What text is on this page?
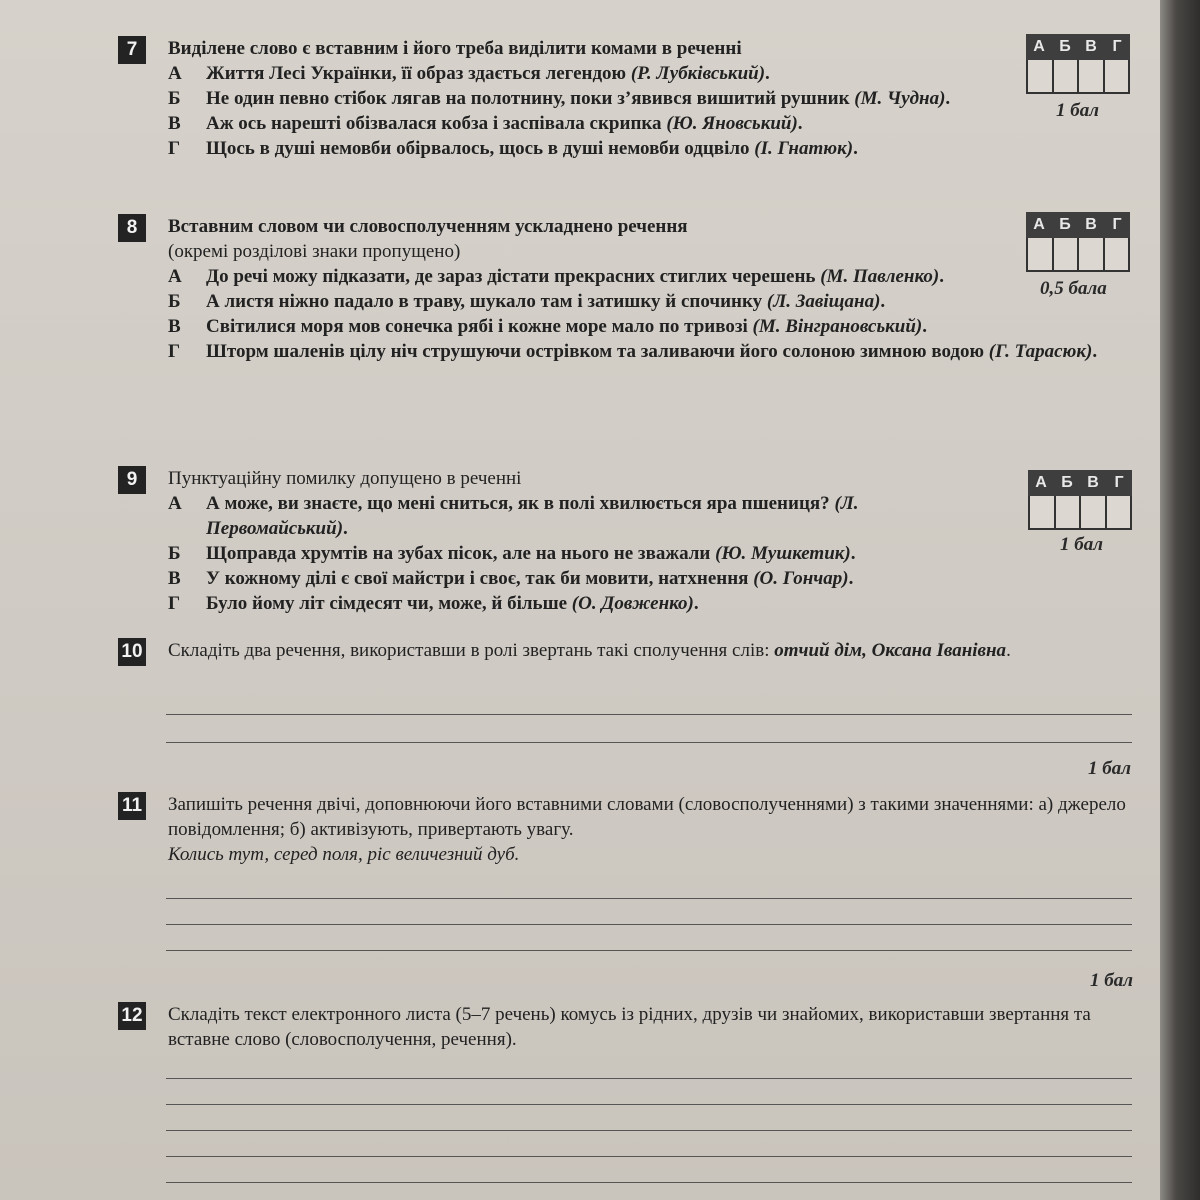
7	Виділене слово є вставним і його треба виділити комами в реченні
А Життя Лесі Українки, її образ здається легендою (Р. Лубківський).
Б Не один певно стібок лягав на полотнину, поки з’явився вишитий рушник (М. Чудна).
В Аж ось нарешті обізвалася кобза і заспівала скрипка (Ю. Яновський).
Г Щось в душі немовби обірвалось, щось в душі немовби одцвіло (І. Гнатюк).
А Б В Г
1 бал
8	Вставним словом чи словосполученням ускладнено речення
(окремі розділові знаки пропущено)
А До речі можу підказати, де зараз дістати прекрасних стиглих черешень (М. Павленко).
Б А листя ніжно падало в траву, шукало там і затишку й спочинку (Л. Завіщана).
В Світилися моря мов сонечка рябі і кожне море мало по тривозі (М. Вінграновський).
Г Шторм шаленів цілу ніч струшуючи острівком та заливаючи його солоною зимною водою (Г. Тарасюк).
А Б В Г
0,5 бала
9	Пунктуаційну помилку допущено в реченні
А А може, ви знаєте, що мені сниться, як в полі хвилюється яра пшениця? (Л. Первомайський).
Б Щоправда хрумтів на зубах пісок, але на нього не зважали (Ю. Мушкетик).
В У кожному ділі є свої майстри і своє, так би мовити, натхнення (О. Гончар).
Г Було йому літ сімдесят чи, може, й більше (О. Довженко).
А Б В Г
1 бал
10 Складіть два речення, використавши в ролі звертань такі сполучення слів: отчий дім, Оксана Іванівна.
1 бал
11 Запишіть речення двічі, доповнюючи його вставними словами (словосполученнями) з такими значеннями: а) джерело повідомлення; б) активізують, привертають увагу.
Колись тут, серед поля, ріс величезний дуб.
1 бал
12 Складіть текст електронного листа (5–7 речень) комусь із рідних, друзів чи знайомих, використавши звертання та вставне слово (словосполучення, речення).
